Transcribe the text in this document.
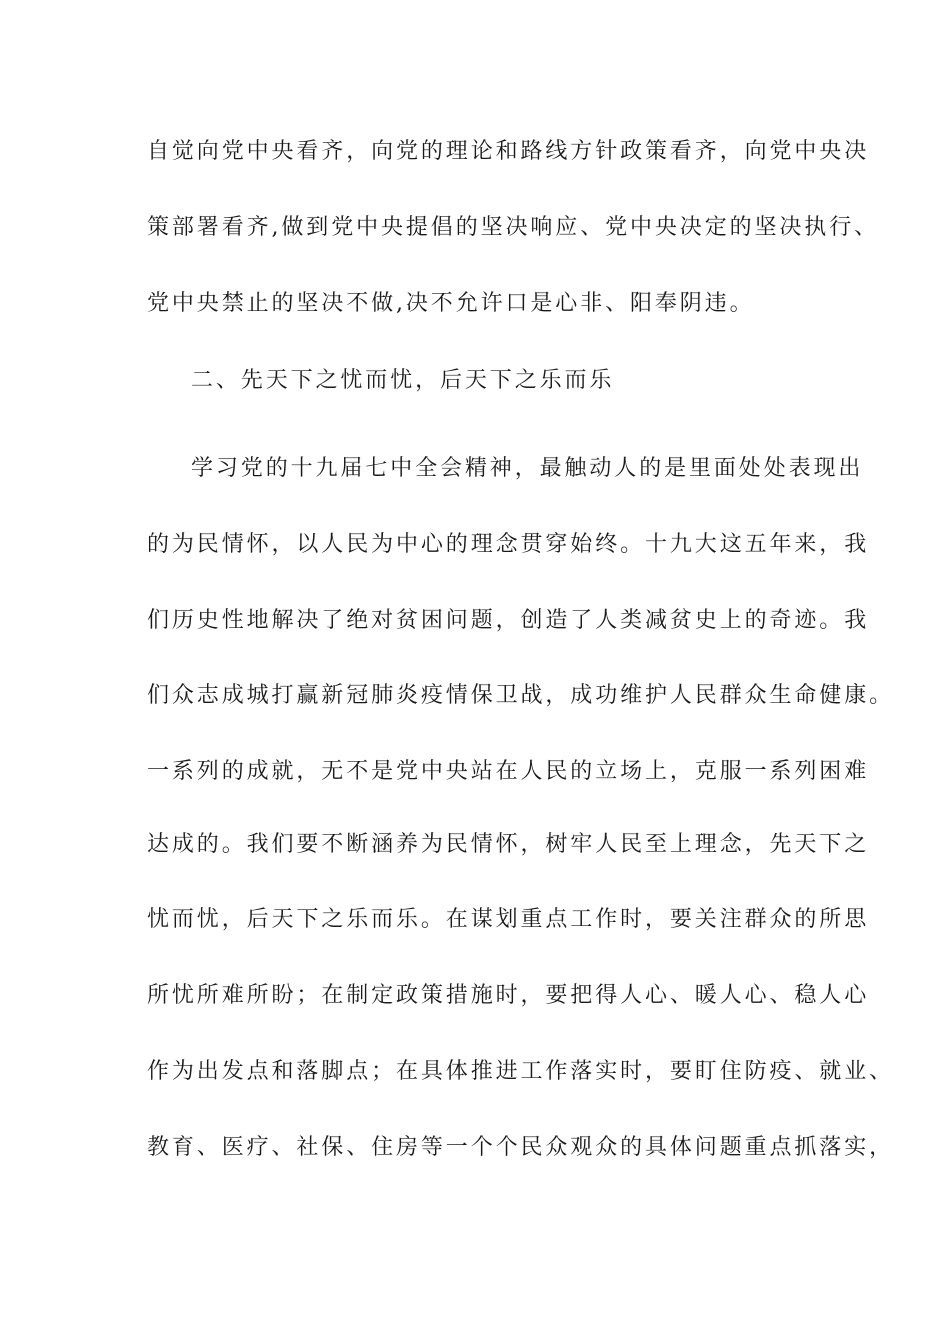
自觉向党中央看齐，向党的理论和路线方针政策看齐，向党中央决
策部署看齐,做到党中央提倡的坚决响应、党中央决定的坚决执行、
党中央禁止的坚决不做,决不允许口是心非、阳奉阴违。
二、先天下之忧而忧，后天下之乐而乐
学习党的十九届七中全会精神，最触动人的是里面处处表现出
的为民情怀，以人民为中心的理念贯穿始终。十九大这五年来，我
们历史性地解决了绝对贫困问题，创造了人类减贫史上的奇迹。我
们众志成城打赢新冠肺炎疫情保卫战，成功维护人民群众生命健康。
一系列的成就，无不是党中央站在人民的立场上，克服一系列困难
达成的。我们要不断涵养为民情怀，树牢人民至上理念，先天下之
忧而忧，后天下之乐而乐。在谋划重点工作时，要关注群众的所思
所忧所难所盼；在制定政策措施时，要把得人心、暖人心、稳人心
作为出发点和落脚点；在具体推进工作落实时，要盯住防疫、就业、
教育、医疗、社保、住房等一个个民众观众的具体问题重点抓落实，
